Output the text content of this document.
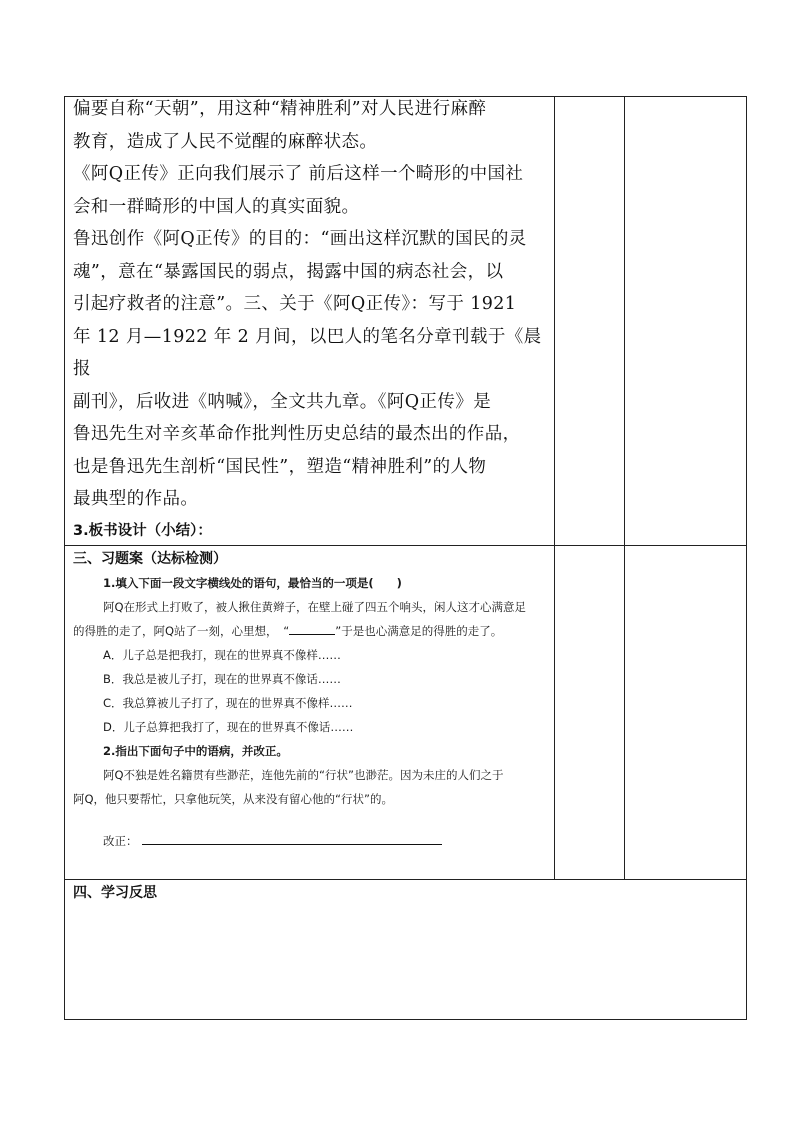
偏要自称“天朝”，用这种“精神胜利”对人民进行麻醉

教育，造成了人民不觉醒的麻醉状态。

《阿Q正传》正向我们展示了 前后这样一个畸形的中国社

会和一群畸形的中国人的真实面貌。

鲁迅创作《阿Q正传》的目的：“画出这样沉默的国民的灵

魂”，意在“暴露国民的弱点，揭露中国的病态社会，以

引起疗救者的注意”。三、关于《阿Q正传》：写于 1921

年 12 月—1922 年 2 月间，以巴人的笔名分章刊载于《晨报

副刊》，后收进《呐喊》，全文共九章。《阿Q正传》是

鲁迅先生对辛亥革命作批判性历史总结的最杰出的作品，

也是鲁迅先生剖析“国民性”，塑造“精神胜利”的人物

最典型的作品。

3.板书设计（小结）：

三、习题案（达标检测）

1.填入下面一段文字横线处的语句，最恰当的一项是(　　)

阿Q在形式上打败了，被人揪住黄辫子，在壁上碰了四五个响头，闲人这才心满意足

的得胜的走了，阿Q站了一刻，心里想，　“	”于是也心满意足的得胜的走了。

A．儿子总是把我打，现在的世界真不像样……

B．我总是被儿子打，现在的世界真不像话……

C．我总算被儿子打了，现在的世界真不像样……

D．儿子总算把我打了，现在的世界真不像话……

2.指出下面句子中的语病，并改正。

阿Q不独是姓名籍贯有些渺茫，连他先前的“行状”也渺茫。因为未庄的人们之于

阿Q，他只要帮忙，只拿他玩笑，从来没有留心他的“行状”的。

改正：

四、学习反思
